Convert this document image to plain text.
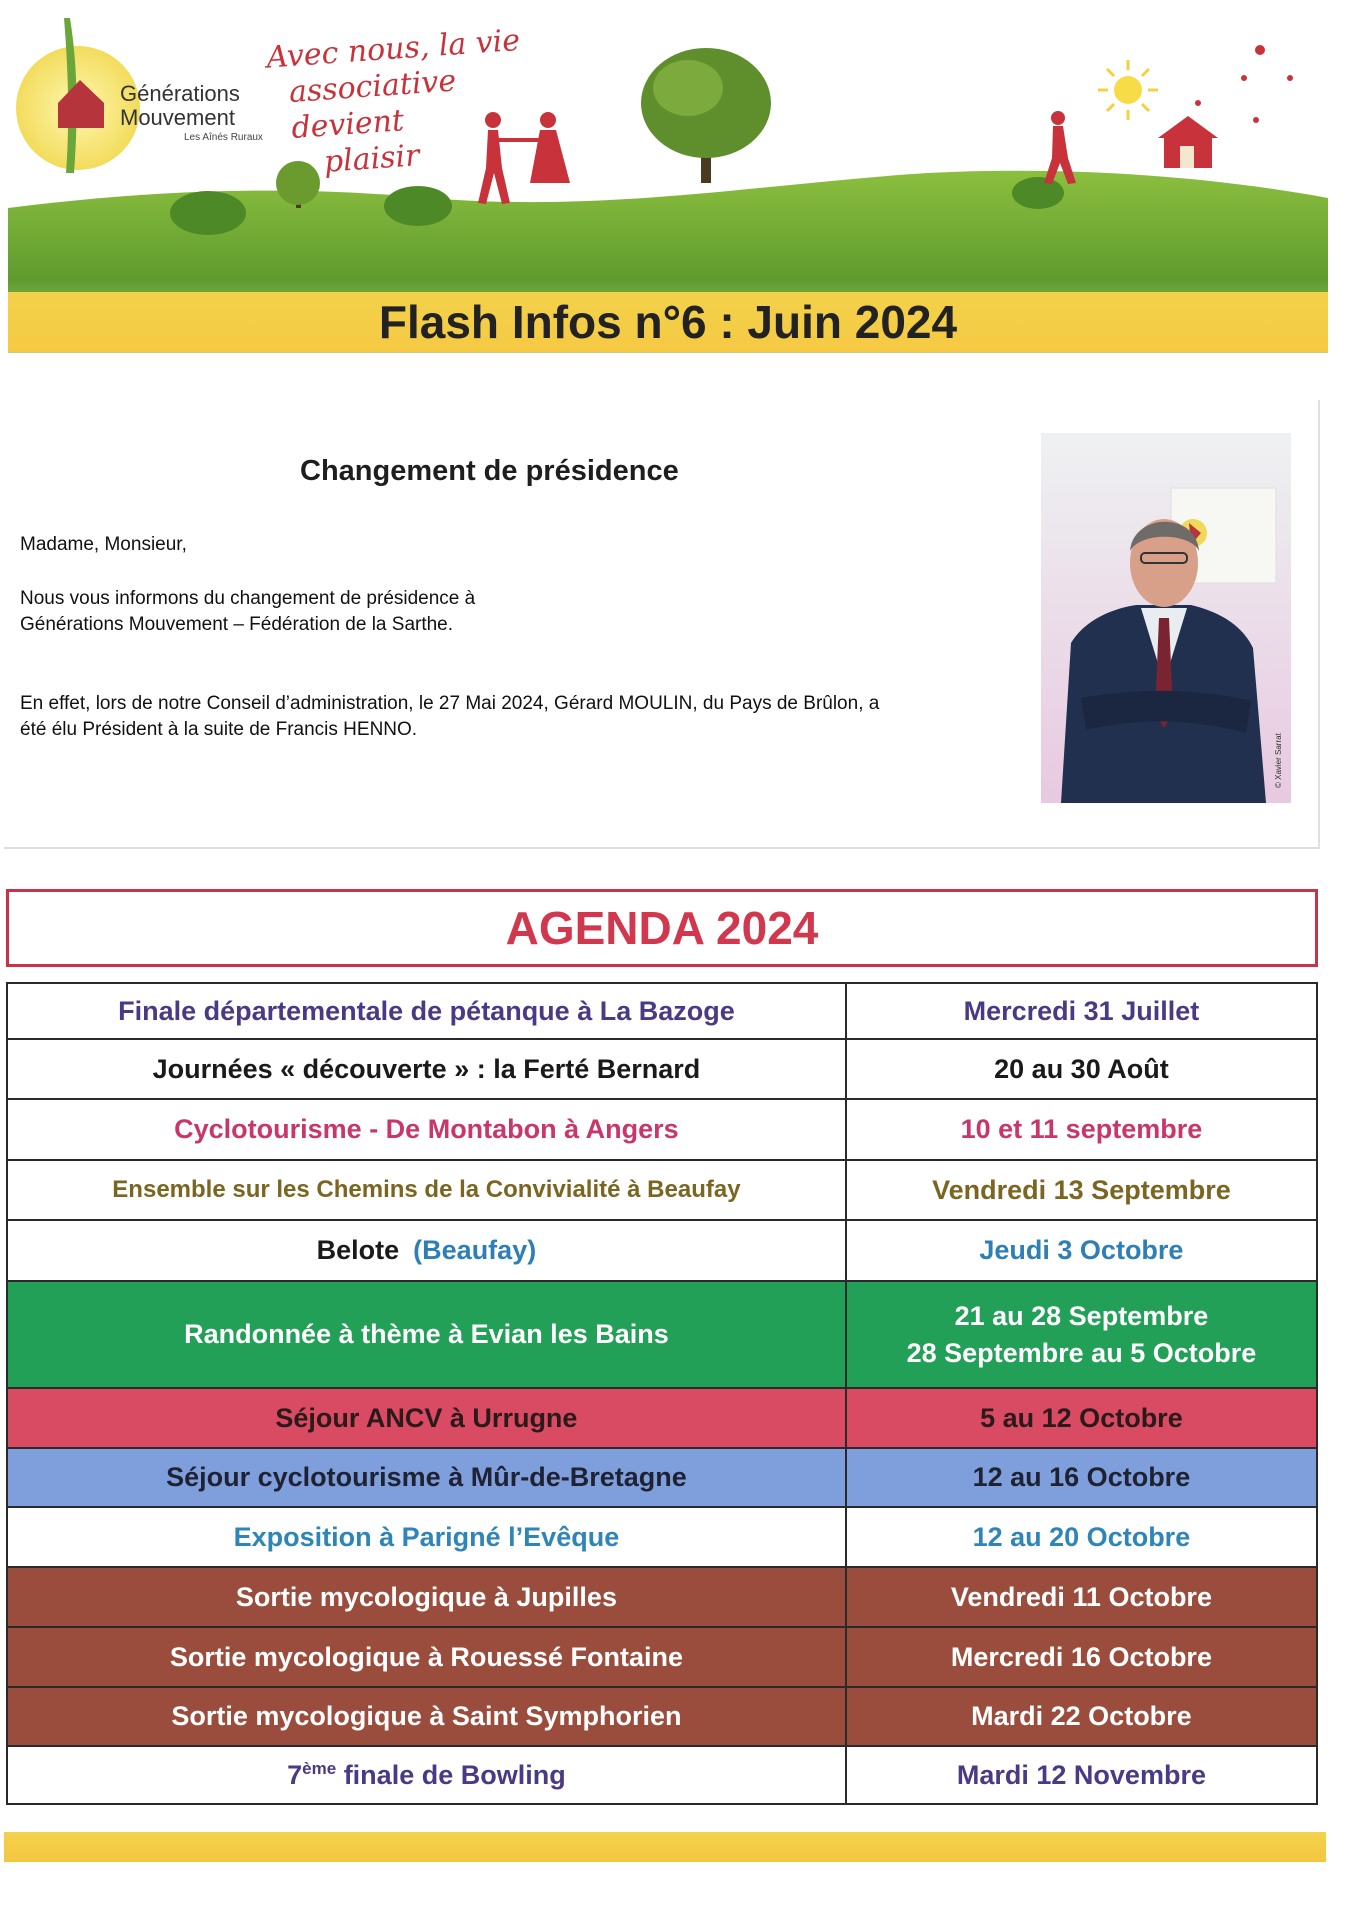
Générations
Mouvement
Les Aînés Ruraux
Avec nous, la vie
associative devient
plaisir
Flash Infos n°6 : Juin 2024
Changement de présidence

Madame, Monsieur,

Nous vous informons du changement de présidence à
Générations Mouvement – Fédération de la Sarthe.

En effet, lors de notre Conseil d’administration, le 27 Mai 2024, Gérard MOULIN, du Pays de Brûlon, a
été élu Président à la suite de Francis HENNO.

© Xavier Sarrat
AGENDA 2024
Finale départementale de pétanque à La Bazoge	Mercredi 31 Juillet

Journées « découverte » : la Ferté Bernard	20 au 30 Août

Cyclotourisme - De Montabon à Angers	10 et 11 septembre

Ensemble sur les Chemins de la Convivialité à Beaufay	Vendredi 13 Septembre

Belote (Beaufay)	Jeudi 3 Octobre

Randonnée à thème à Evian les Bains	21 au 28 Septembre
28 Septembre au 5 Octobre

Séjour ANCV à Urrugne	5 au 12 Octobre

Séjour cyclotourisme à Mûr-de-Bretagne	12 au 16 Octobre

Exposition à Parigné l’Evêque	12 au 20 Octobre

Sortie mycologique à Jupilles	Vendredi 11 Octobre

Sortie mycologique à Rouessé Fontaine	Mercredi 16 Octobre

Sortie mycologique à Saint Symphorien	Mardi 22 Octobre

7ème finale de Bowling	Mardi 12 Novembre
